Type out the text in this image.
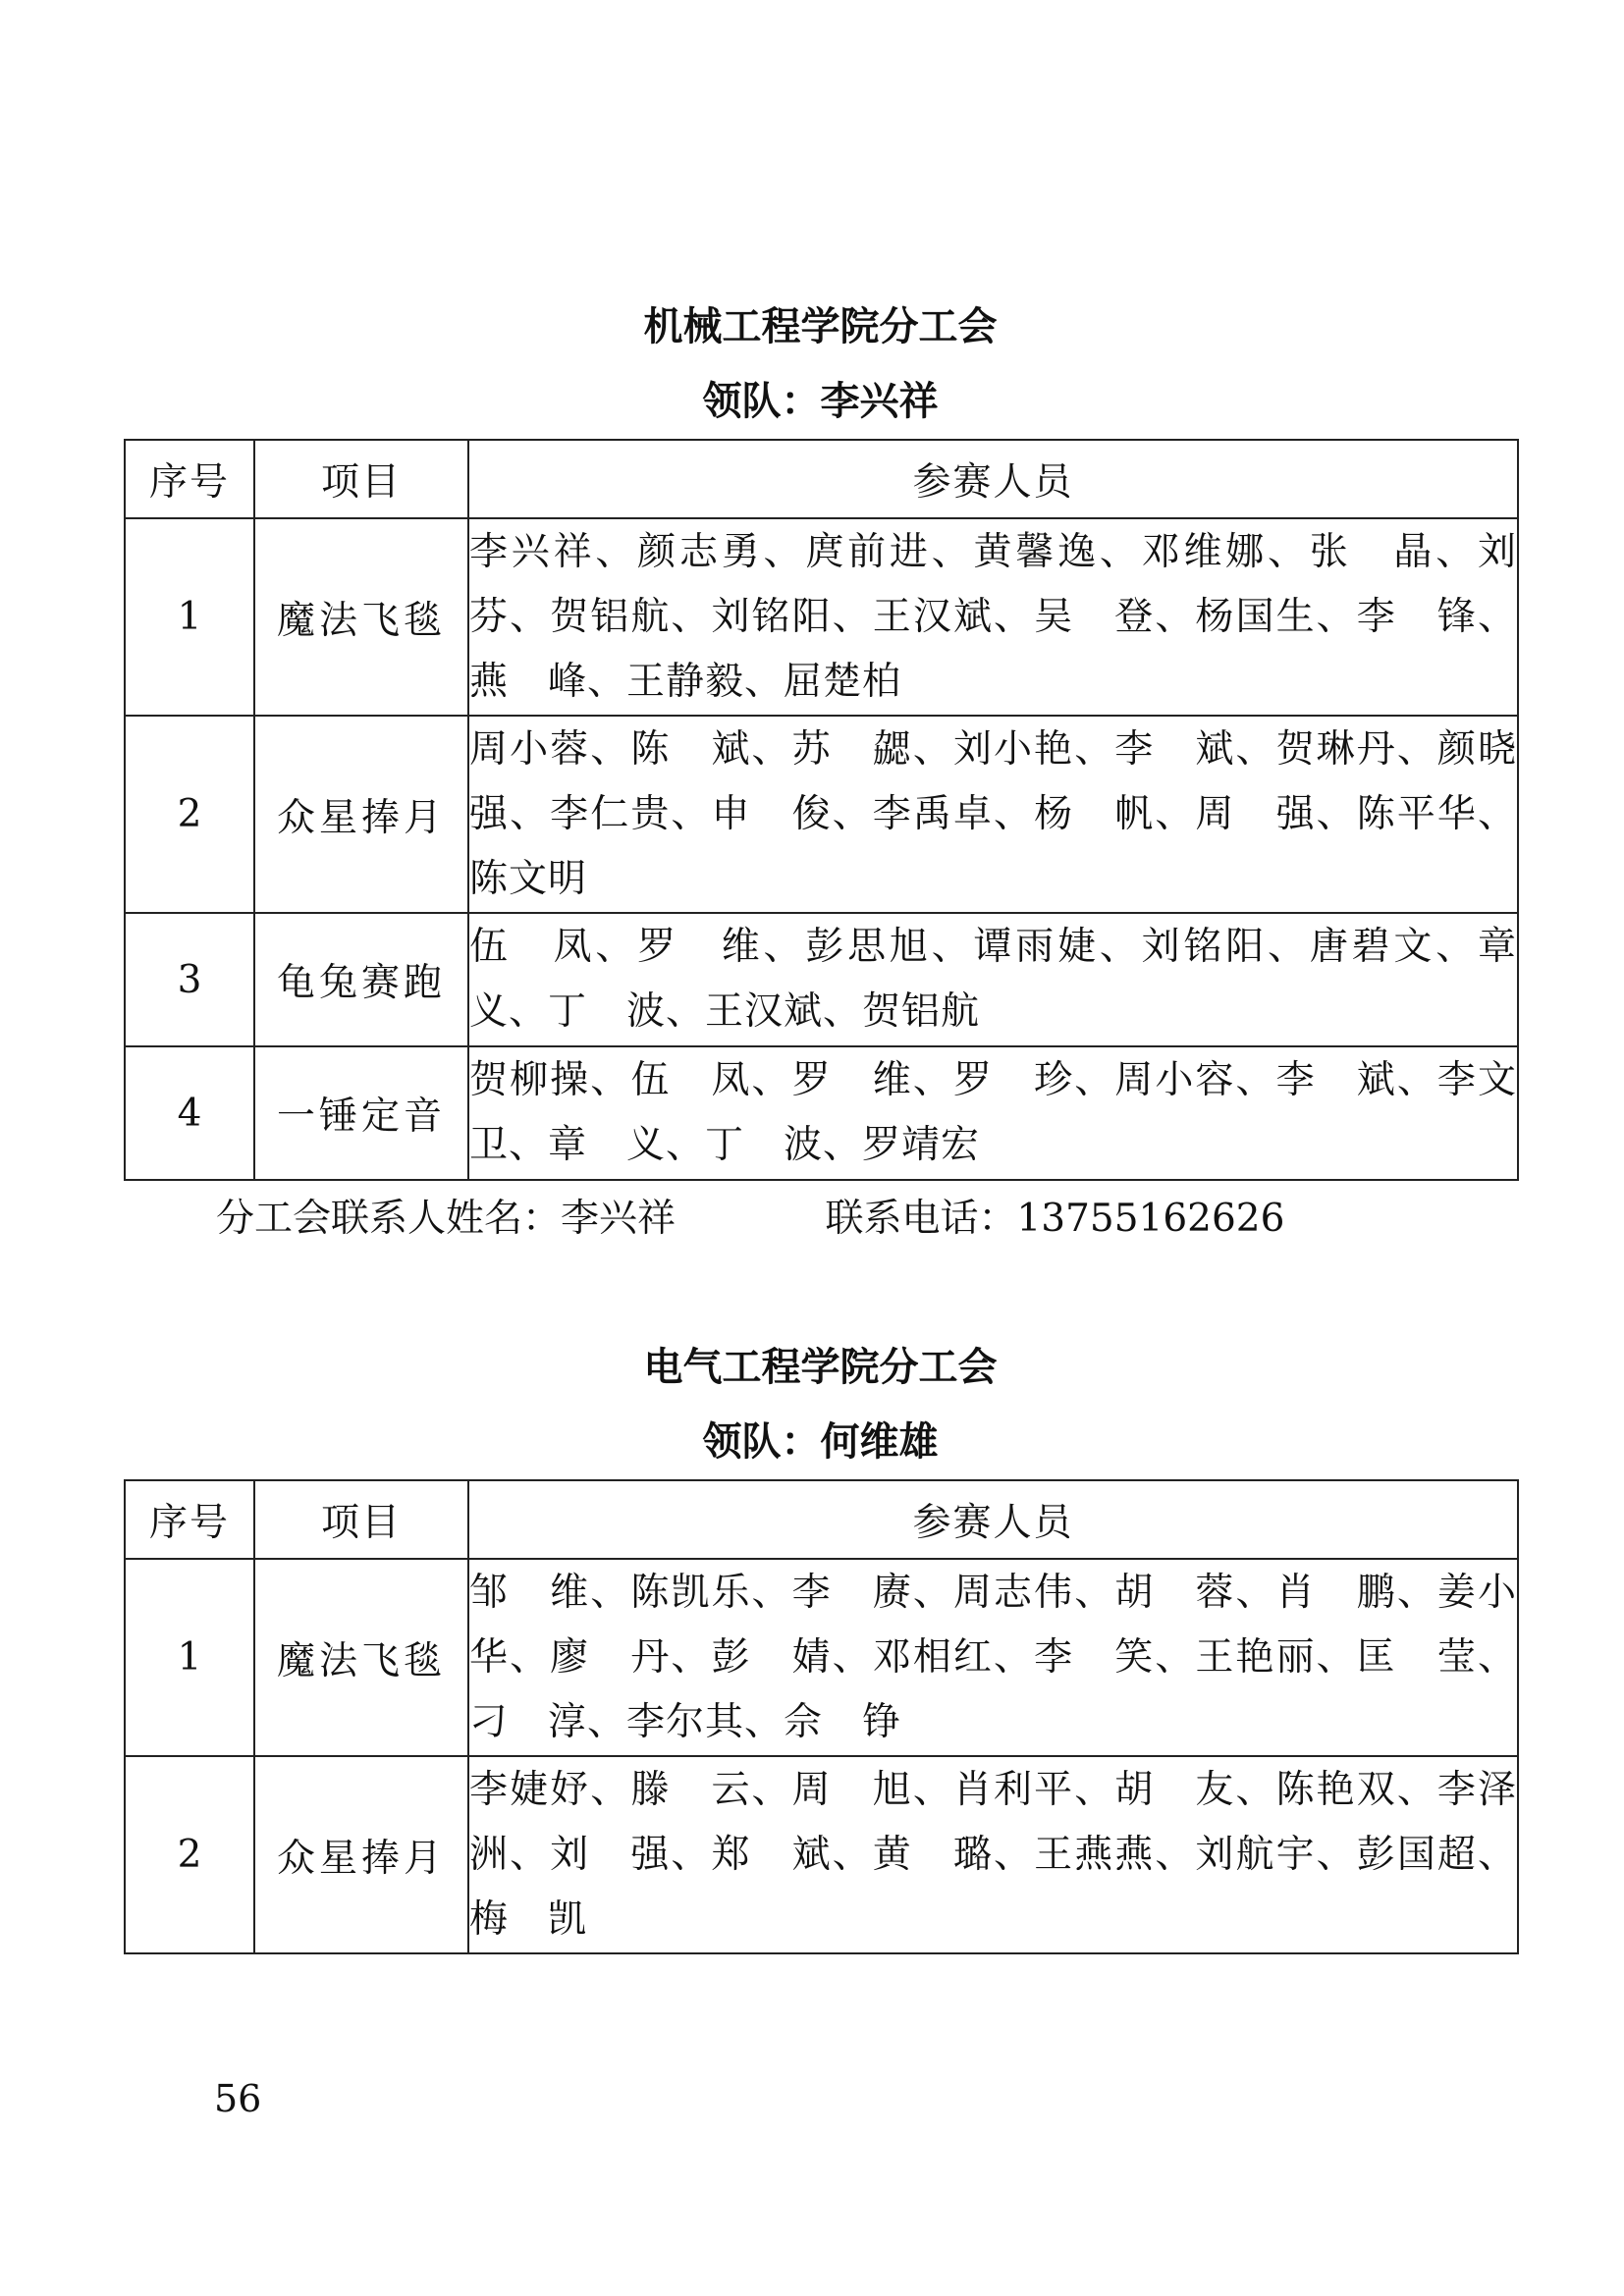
机械工程学院分工会
领队：李兴祥
序号	项目	参赛人员
1	魔法飞毯	李兴祥、颜志勇、庹前进、黄馨逸、邓维娜、张　晶、刘　芬、贺铝航、刘铭阳、王汉斌、吴　登、杨国生、李　锋、燕　峰、王静毅、屈楚柏
2	众星捧月	周小蓉、陈　斌、苏　勰、刘小艳、李　斌、贺琳丹、颜晓强、李仁贵、申　俊、李禹卓、杨　帆、周　强、陈平华、陈文明
3	龟兔赛跑	伍　凤、罗　维、彭思旭、谭雨婕、刘铭阳、唐碧文、章　义、丁　波、王汉斌、贺铝航
4	一锤定音	贺柳操、伍　凤、罗　维、罗　珍、周小容、李　斌、李文卫、章　义、丁　波、罗靖宏
分工会联系人姓名：李兴祥	联系电话：13755162626
电气工程学院分工会
领队：何维雄
序号	项目	参赛人员
1	魔法飞毯	邹　维、陈凯乐、李　赓、周志伟、胡　蓉、肖　鹏、姜小华、廖　丹、彭　婧、邓相红、李　笑、王艳丽、匡　莹、刁　淳、李尔其、佘　铮
2	众星捧月	李婕妤、滕　云、周　旭、肖利平、胡　友、陈艳双、李泽洲、刘　强、郑　斌、黄　璐、王燕燕、刘航宇、彭国超、梅　凯
56
